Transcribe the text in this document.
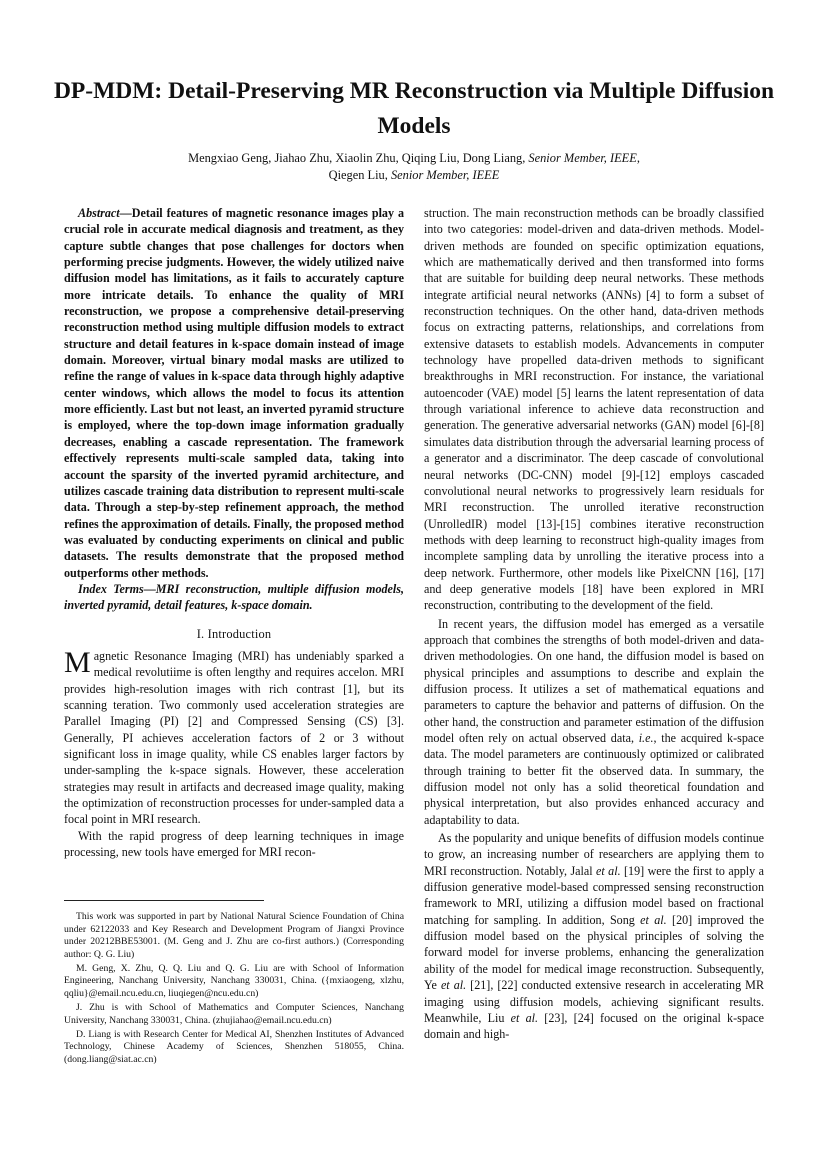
DP-MDM: Detail-Preserving MR Reconstruction via Multiple Diffusion Models
Mengxiao Geng, Jiahao Zhu, Xiaolin Zhu, Qiqing Liu, Dong Liang, Senior Member, IEEE,
Qiegen Liu, Senior Member, IEEE

Abstract—Detail features of magnetic resonance images play a crucial role in accurate medical diagnosis and treatment, as they capture subtle changes that pose challenges for doctors when performing precise judgments. However, the widely utilized naive diffusion model has limitations, as it fails to accurately capture more intricate details. To enhance the quality of MRI reconstruction, we propose a comprehensive detail-preserving reconstruction method using multiple diffusion models to extract structure and detail features in k-space domain instead of image domain. Moreover, virtual binary modal masks are utilized to refine the range of values in k-space data through highly adaptive center windows, which allows the model to focus its attention more efficiently. Last but not least, an inverted pyramid structure is employed, where the top-down image information gradually decreases, enabling a cascade representation. The framework effectively represents multi-scale sampled data, taking into account the sparsity of the inverted pyramid architecture, and utilizes cascade training data distribution to represent multi-scale data. Through a step-by-step refinement approach, the method refines the approximation of details. Finally, the proposed method was evaluated by conducting experiments on clinical and public datasets. The results demonstrate that the proposed method outperforms other methods.

Index Terms—MRI reconstruction, multiple diffusion models, inverted pyramid, detail features, k-space domain.

I. Introduction

Magnetic Resonance Imaging (MRI) has undeniably sparked a medical revolutiime is often lengthy and requires accelon. MRI provides high-resolution images with rich contrast [1], but its scanning teration. Two commonly used acceleration strategies are Parallel Imaging (PI) [2] and Compressed Sensing (CS) [3]. Generally, PI achieves acceleration factors of 2 or 3 without significant loss in image quality, while CS enables larger factors by under-sampling the k-space signals. However, these acceleration strategies may result in artifacts and decreased image quality, making the optimization of reconstruction processes for under-sampled data a focal point in MRI research.

With the rapid progress of deep learning techniques in image processing, new tools have emerged for MRI recon-

This work was supported in part by National Natural Science Foundation of China under 62122033 and Key Research and Development Program of Jiangxi Province under 20212BBE53001. (M. Geng and J. Zhu are co-first authors.) (Corresponding author: Q. G. Liu)

M. Geng, X. Zhu, Q. Q. Liu and Q. G. Liu are with School of Information Engineering, Nanchang University, Nanchang 330031, China. ({mxiaogeng, xlzhu, qqliu}@email.ncu.edu.cn, liuqiegen@ncu.edu.cn)

J. Zhu is with School of Mathematics and Computer Sciences, Nanchang University, Nanchang 330031, China. (zhujiahao@email.ncu.edu.cn)

D. Liang is with Research Center for Medical AI, Shenzhen Institutes of Advanced Technology, Chinese Academy of Sciences, Shenzhen 518055, China. (dong.liang@siat.ac.cn)

struction. The main reconstruction methods can be broadly classified into two categories: model-driven and data-driven methods. Model-driven methods are founded on specific optimization equations, which are mathematically derived and then transformed into forms that are suitable for building deep neural networks. These methods integrate artificial neural networks (ANNs) [4] to form a subset of reconstruction techniques. On the other hand, data-driven methods focus on extracting patterns, relationships, and correlations from extensive datasets to establish models. Advancements in computer technology have propelled data-driven methods to significant breakthroughs in MRI reconstruction. For instance, the variational autoencoder (VAE) model [5] learns the latent representation of data through variational inference to achieve data reconstruction and generation. The generative adversarial networks (GAN) model [6]-[8] simulates data distribution through the adversarial learning process of a generator and a discriminator. The deep cascade of convolutional neural networks (DC-CNN) model [9]-[12] employs cascaded convolutional neural networks to progressively learn residuals for MRI reconstruction. The unrolled iterative reconstruction (UnrolledIR) model [13]-[15] combines iterative reconstruction methods with deep learning to reconstruct high-quality images from incomplete sampling data by unrolling the iterative process into a deep network. Furthermore, other models like PixelCNN [16], [17] and deep generative models [18] have been explored in MRI reconstruction, contributing to the development of the field.

In recent years, the diffusion model has emerged as a versatile approach that combines the strengths of both model-driven and data-driven methodologies. On one hand, the diffusion model is based on physical principles and assumptions to describe and explain the diffusion process. It utilizes a set of mathematical equations and parameters to capture the behavior and patterns of diffusion. On the other hand, the construction and parameter estimation of the diffusion model often rely on actual observed data, i.e., the acquired k-space data. The model parameters are continuously optimized or calibrated through training to better fit the observed data. In summary, the diffusion model not only has a solid theoretical foundation and physical interpretation, but also provides enhanced accuracy and adaptability to data.

As the popularity and unique benefits of diffusion models continue to grow, an increasing number of researchers are applying them to MRI reconstruction. Notably, Jalal et al. [19] were the first to apply a diffusion generative model-based compressed sensing reconstruction framework to MRI, utilizing a diffusion model based on fractional matching for sampling. In addition, Song et al. [20] improved the diffusion model based on the physical principles of solving the forward model for inverse problems, enhancing the generalization ability of the model for medical image reconstruction. Subsequently, Ye et al. [21], [22] conducted extensive research in accelerating MR imaging using diffusion models, achieving significant results. Meanwhile, Liu et al. [23], [24] focused on the original k-space domain and high-
